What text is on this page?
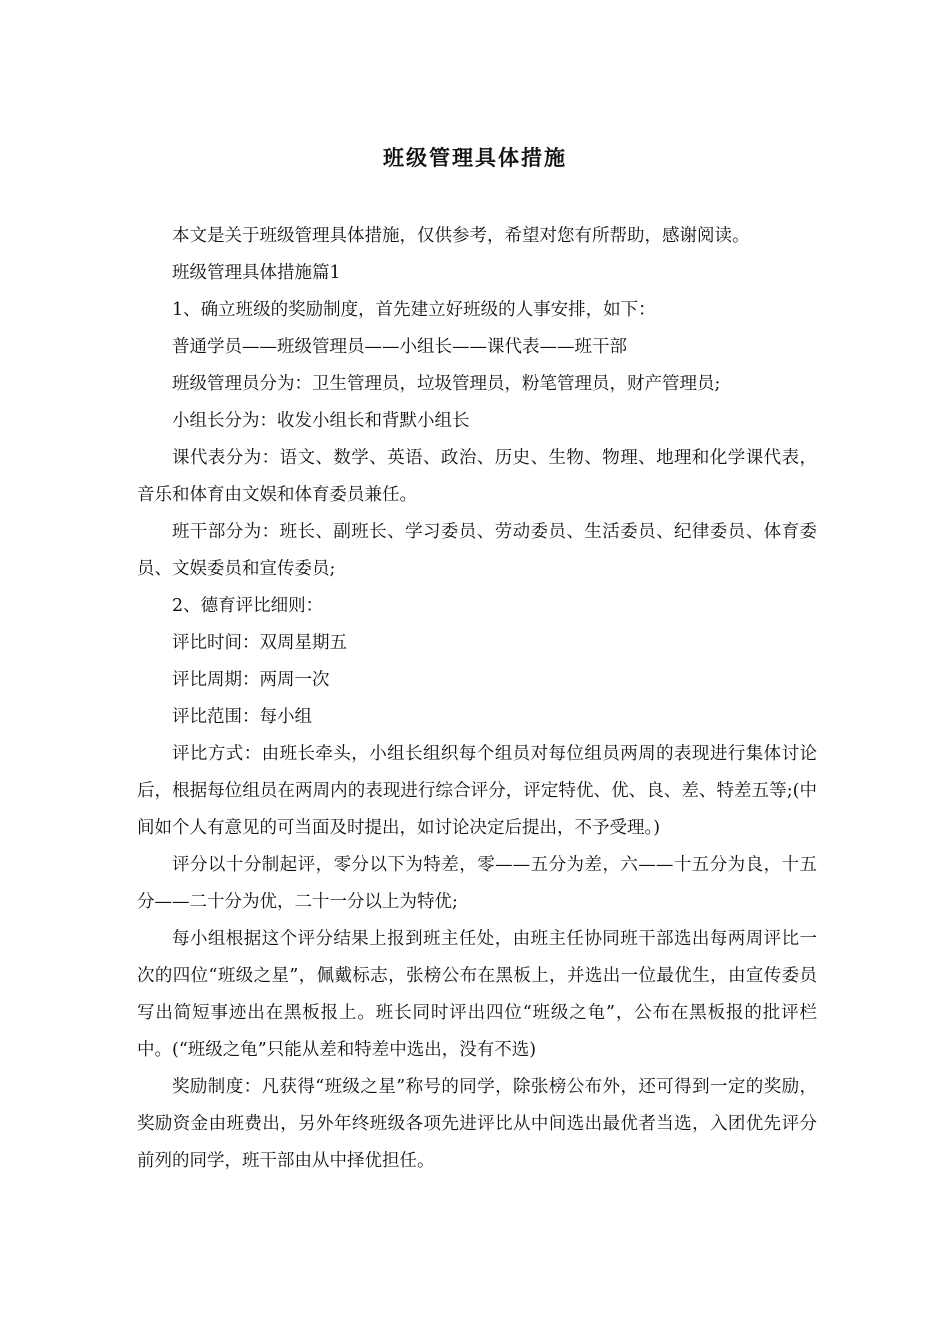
班级管理具体措施

本文是关于班级管理具体措施，仅供参考，希望对您有所帮助，感谢阅读。

班级管理具体措施篇1

1、确立班级的奖励制度，首先建立好班级的人事安排，如下：

普通学员——班级管理员——小组长——课代表——班干部

班级管理员分为：卫生管理员，垃圾管理员，粉笔管理员，财产管理员;

小组长分为：收发小组长和背默小组长

课代表分为：语文、数学、英语、政治、历史、生物、物理、地理和化学课代表，音乐和体育由文娱和体育委员兼任。

班干部分为：班长、副班长、学习委员、劳动委员、生活委员、纪律委员、体育委员、文娱委员和宣传委员;

2、德育评比细则：

评比时间：双周星期五

评比周期：两周一次

评比范围：每小组

评比方式：由班长牵头，小组长组织每个组员对每位组员两周的表现进行集体讨论后，根据每位组员在两周内的表现进行综合评分，评定特优、优、良、差、特差五等;(中间如个人有意见的可当面及时提出，如讨论决定后提出，不予受理。)

评分以十分制起评，零分以下为特差，零——五分为差，六——十五分为良，十五分——二十分为优，二十一分以上为特优;

每小组根据这个评分结果上报到班主任处，由班主任协同班干部选出每两周评比一次的四位“班级之星”，佩戴标志，张榜公布在黑板上，并选出一位最优生，由宣传委员写出简短事迹出在黑板报上。班长同时评出四位“班级之龟”，公布在黑板报的批评栏中。(“班级之龟”只能从差和特差中选出，没有不选)

奖励制度：凡获得“班级之星”称号的同学，除张榜公布外，还可得到一定的奖励，奖励资金由班费出，另外年终班级各项先进评比从中间选出最优者当选，入团优先评分前列的同学，班干部由从中择优担任。
